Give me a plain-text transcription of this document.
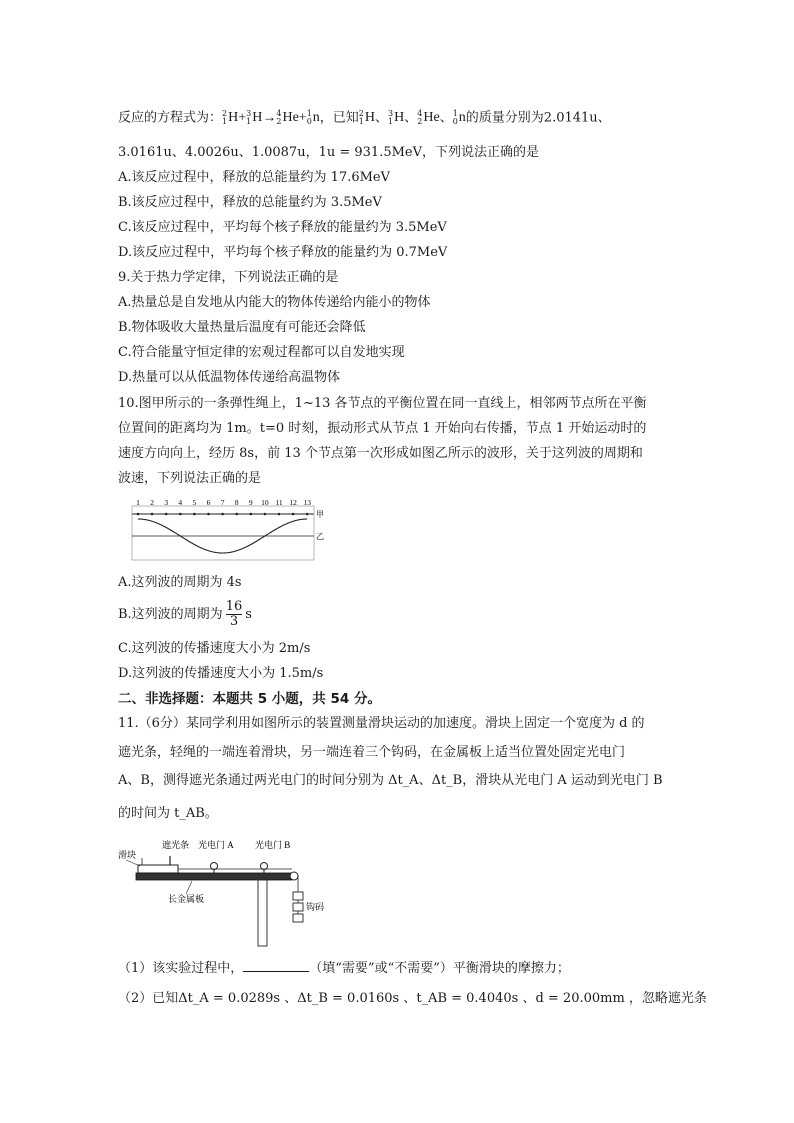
反应的方程式为： 2
1 H+ 3
1 H→ 4
2 He+ 1
0 n，已知 2
1 H、 3
1 H、 4
2 He、 1
0 n的质量分别为2.0141u、
3.0161u、4.0026u、1.0087u，1u = 931.5MeV，下列说法正确的是
A.该反应过程中，释放的总能量约为 17.6MeV
B.该反应过程中，释放的总能量约为 3.5MeV
C.该反应过程中，平均每个核子释放的能量约为 3.5MeV
D.该反应过程中，平均每个核子释放的能量约为 0.7MeV
9.关于热力学定律，下列说法正确的是
A.热量总是自发地从内能大的物体传递给内能小的物体
B.物体吸收大量热量后温度有可能还会降低
C.符合能量守恒定律的宏观过程都可以自发地实现
D.热量可以从低温物体传递给高温物体
10.图甲所示的一条弹性绳上，1~13 各节点的平衡位置在同一直线上，相邻两节点所在平衡
位置间的距离均为 1m。t=0 时刻，振动形式从节点 1 开始向右传播，节点 1 开始运动时的
速度方向向上，经历 8s，前 13 个节点第一次形成如图乙所示的波形，关于这列波的周期和
波速，下列说法正确的是
1 2 3 4 5 6 7 8 9 10 11 12 13
甲
乙
A.这列波的周期为 4s
B.这列波的周期为 $\frac{16}{3}$ s
C.这列波的传播速度大小为 2m/s
D.这列波的传播速度大小为 1.5m/s
二、非选择题：本题共 5 小题，共 54 分。
11.（6分）某同学利用如图所示的装置测量滑块运动的加速度。滑块上固定一个宽度为 d 的
遮光条，轻绳的一端连着滑块，另一端连着三个钩码，在金属板上适当位置处固定光电门
A、B，测得遮光条通过两光电门的时间分别为 Δt_A、Δt_B，滑块从光电门 A 运动到光电门 B
的时间为 t_AB。
滑块
遮光条 光电门 A 光电门 B
钩码
长金属板
（1）该实验过程中，	（填“需要”或“不需要”）平衡滑块的摩擦力；
（2）已知Δt_A = 0.0289s 、Δt_B = 0.0160s 、t_AB = 0.4040s 、d = 20.00mm ，忽略遮光条
